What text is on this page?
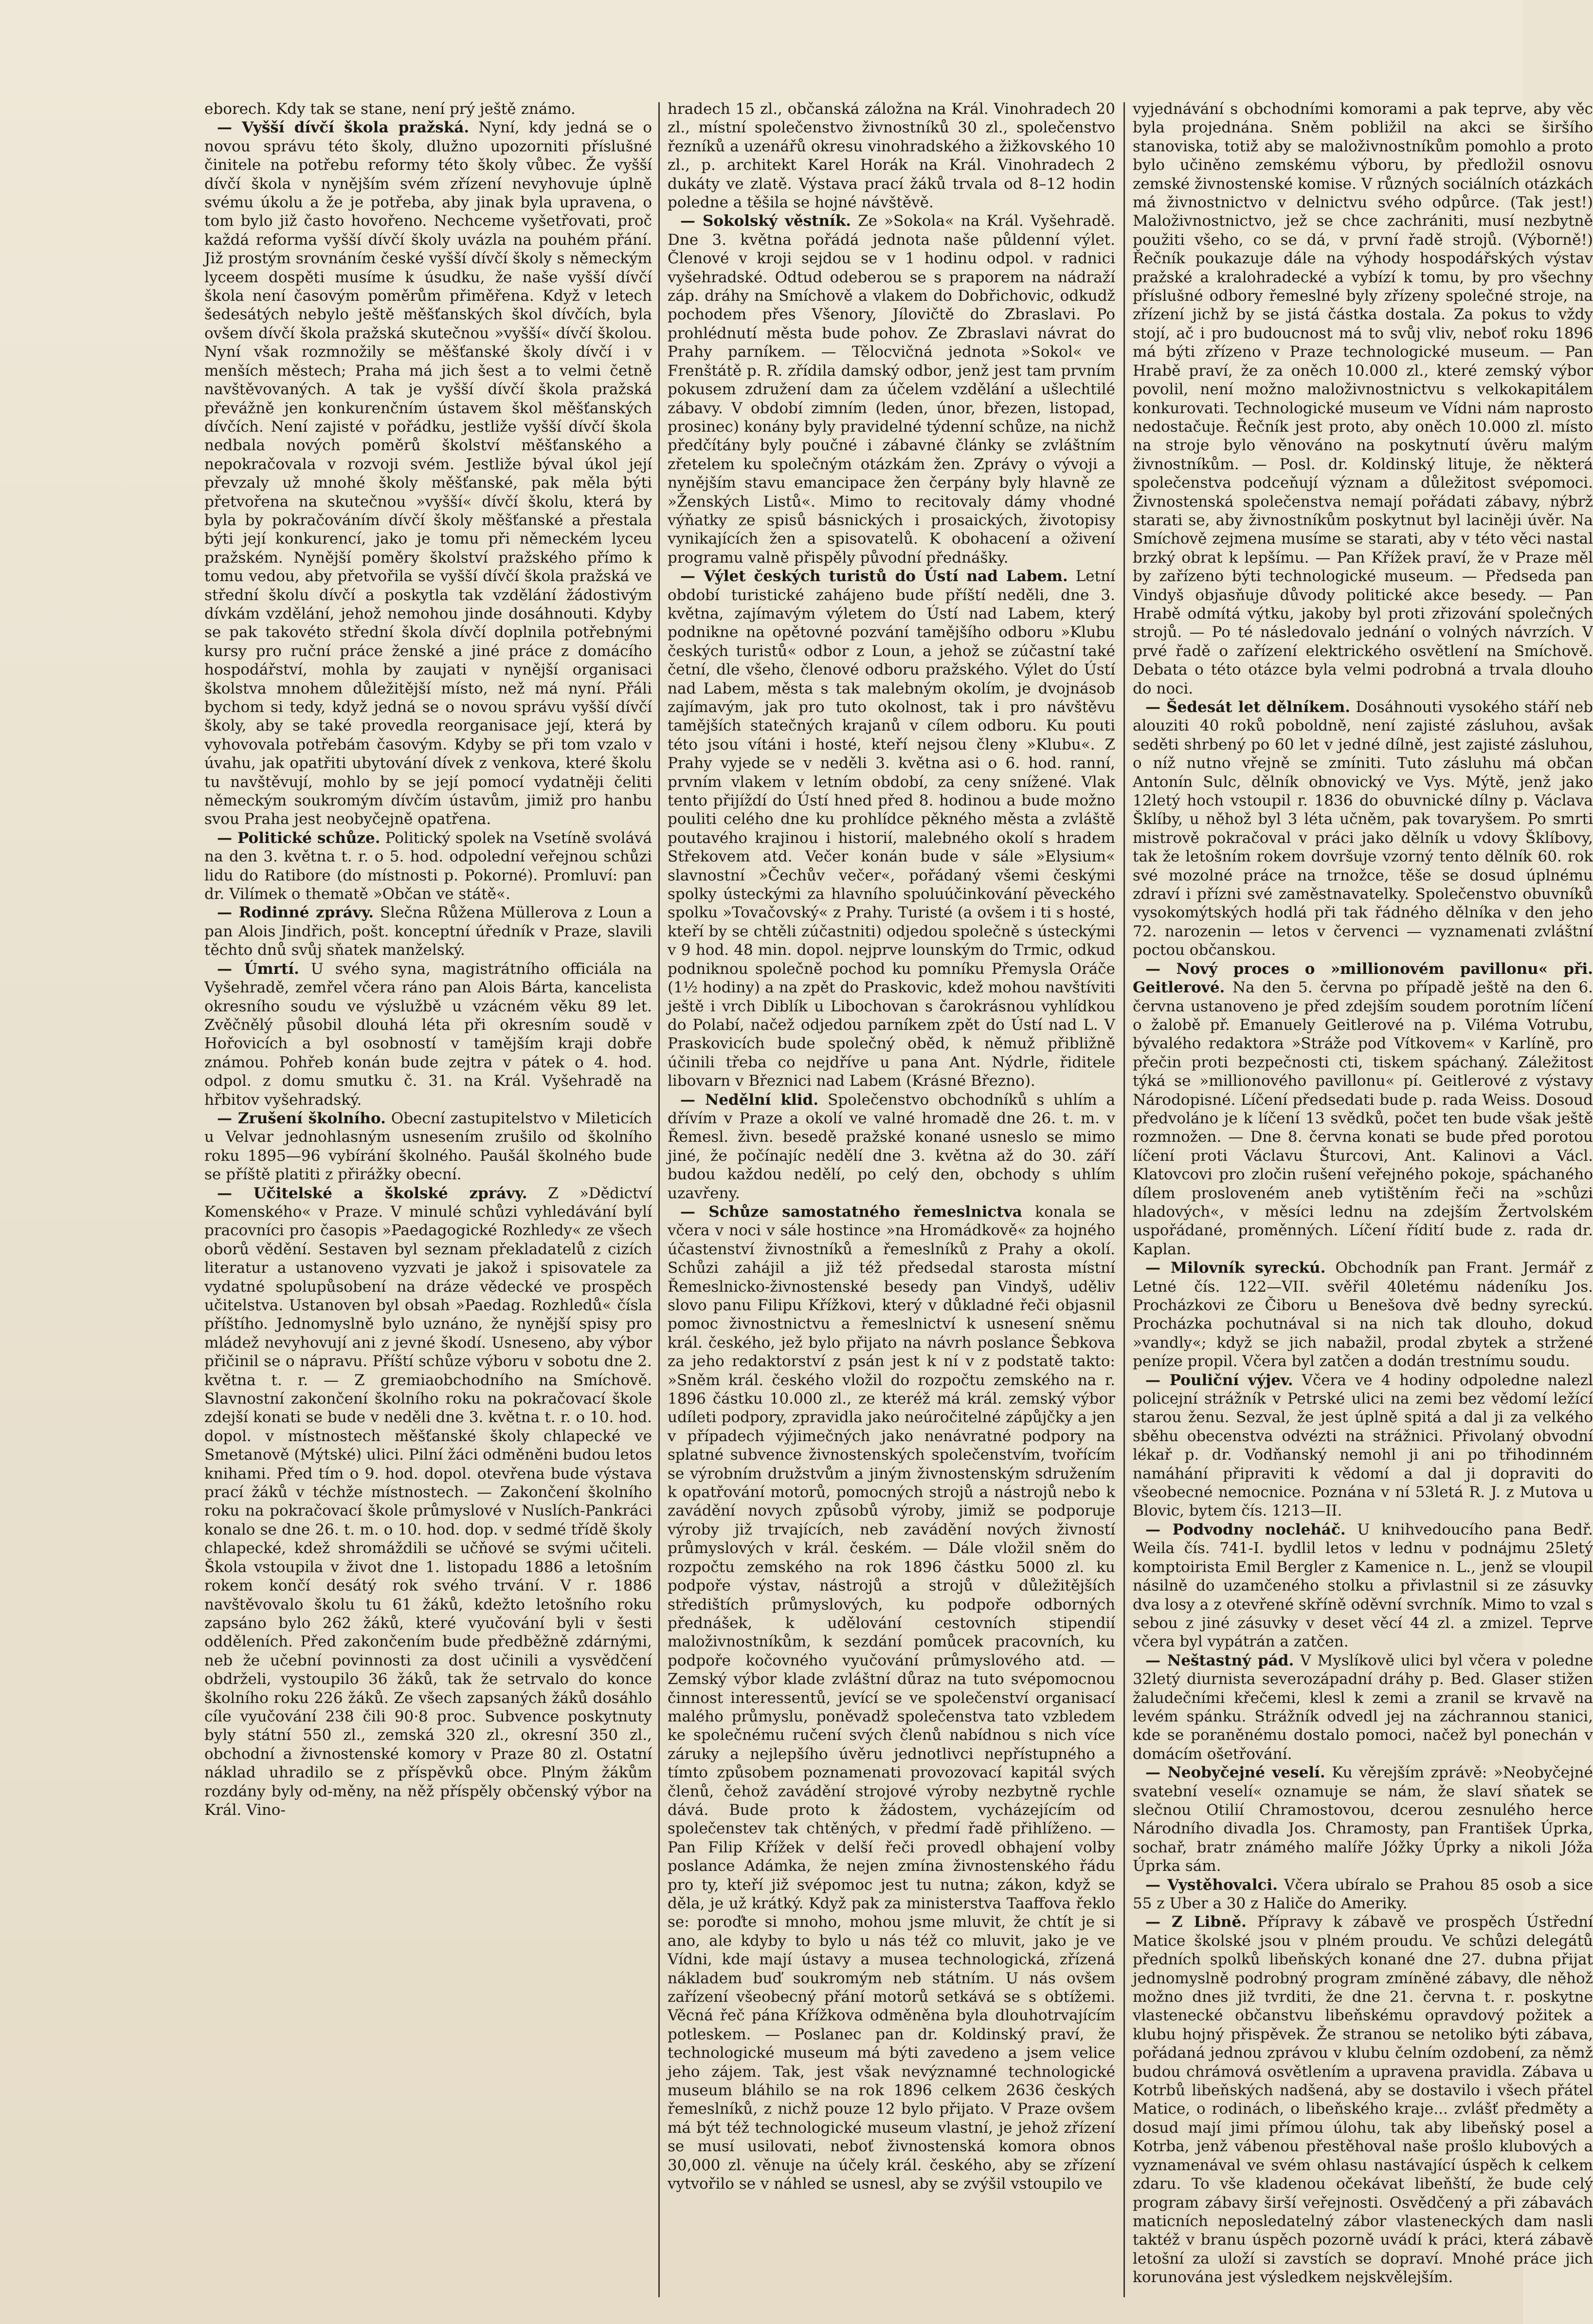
eborech. Kdy tak se stane, není prý ještě známo.

— Vyšší dívčí škola pražská. Nyní, kdy jedná se o novou správu této školy, dlužno upozorniti příslušné činitele na potřebu reformy této školy vůbec. Že vyšší dívčí škola v nynějším svém zřízení nevyhovuje úplně svému úkolu a že je potřeba, aby jinak byla upravena, o tom bylo již často hovořeno. Nechceme vyšetřovati, proč každá reforma vyšší dívčí školy uvázla na pouhém přání. Již prostým srovnáním české vyšší dívčí školy s německým lyceem dospěti musíme k úsudku, že naše vyšší dívčí škola není časovým poměrům přiměřena. Když v letech šedesátých nebylo ještě měšťanských škol dívčích, byla ovšem dívčí škola pražská skutečnou »vyšší« dívčí školou. Nyní však rozmnožily se měšťanské školy dívčí i v menších městech; Praha má jich šest a to velmi četně navštěvovaných. A tak je vyšší dívčí škola pražská převážně jen konkurenčním ústavem škol měšťanských dívčích. Není zajisté v pořádku, jestliže vyšší dívčí škola nedbala nových poměrů školství měšťanského a nepokračovala v rozvoji svém. Jestliže býval úkol její převzaly už mnohé školy měšťanské, pak měla býti přetvořena na skutečnou »vyšší« dívčí školu, která by byla by pokračováním dívčí školy měšťanské a přestala býti její konkurencí, jako je tomu při německém lyceu pražském. Nynější poměry školství pražského přímo k tomu vedou, aby přetvořila se vyšší dívčí škola pražská ve střední školu dívčí a poskytla tak vzdělání žádostivým dívkám vzdělání, jehož nemohou jinde dosáhnouti. Kdyby se pak takovéto střední škola dívčí doplnila potřebnými kursy pro ruční práce ženské a jiné práce z domácího hospodářství, mohla by zaujati v nynější organisaci školstva mnohem důležitější místo, než má nyní. Přáli bychom si tedy, když jedná se o novou správu vyšší dívčí školy, aby se také provedla reorganisace její, která by vyhovovala potřebám časovým. Kdyby se při tom vzalo v úvahu, jak opatřiti ubytování dívek z venkova, které školu tu navštěvují, mohlo by se její pomocí vydatněji čeliti německým soukromým dívčím ústavům, jimiž pro hanbu svou Praha jest neobyčejně opatřena.

— Politické schůze. Politický spolek na Vsetíně svolává na den 3. května t. r. o 5. hod. odpolední veřejnou schůzi lidu do Ratibore (do místnosti p. Pokorné). Promluví: pan dr. Vilímek o thematě »Občan ve státě«.

— Rodinné zprávy. Slečna Růžena Müllerova z Loun a pan Alois Jindřich, pošt. konceptní úředník v Praze, slavili těchto dnů svůj sňatek manželský.

— Úmrtí. U svého syna, magistrátního officiála na Vyšehradě, zemřel včera ráno pan Alois Bárta, kancelista okresního soudu ve výslužbě u vzácném věku 89 let. Zvěčnělý působil dlouhá léta při okresním soudě v Hořovicích a byl osobností v tamějším kraji dobře známou. Pohřeb konán bude zejtra v pátek o 4. hod. odpol. z domu smutku č. 31. na Král. Vyšehradě na hřbitov vyšehradský.

— Zrušení školního. Obecní zastupitelstvo v Mileticích u Velvar jednohlasným usnesením zrušilo od školního roku 1895—96 vybírání školného. Paušál školného bude se příště platiti z přirážky obecní.

— Učitelské a školské zprávy. Z »Dědictví Komenského« v Praze. V minulé schůzi vyhledávání bylí pracovníci pro časopis »Paedagogické Rozhledy« ze všech oborů vědění. Sestaven byl seznam překladatelů z cizích literatur a ustanoveno vyzvati je jakož i spisovatele za vydatné spolupůsobení na dráze vědecké ve prospěch učitelstva. Ustanoven byl obsah »Paedag. Rozhledů« čísla příštího. Jednomyslně bylo uznáno, že nynější spisy pro mládež nevyhovují ani z jevné škodí. Usneseno, aby výbor přičinil se o nápravu. Příští schůze výboru v sobotu dne 2. května t. r. — Z gremiaobchodního na Smíchově. Slavnostní zakončení školního roku na pokračovací škole zdejší konati se bude v neděli dne 3. května t. r. o 10. hod. dopol. v místnostech měšťanské školy chlapecké ve Smetanově (Mýtské) ulici. Pilní žáci odměněni budou letos knihami. Před tím o 9. hod. dopol. otevřena bude výstava prací žáků v téchže místnostech. — Zakončení školního roku na pokračovací škole průmyslové v Nuslích-Pankráci konalo se dne 26. t. m. o 10. hod. dop. v sedmé třídě školy chlapecké, kdež shromáždili se učňové se svými učiteli. Škola vstoupila v život dne 1. listopadu 1886 a letošním rokem končí desátý rok svého trvání. V r. 1886 navštěvovalo školu tu 61 žáků, kdežto letošního roku zapsáno bylo 262 žáků, které vyučování byli v šesti odděleních. Před zakončením bude předběžně zdárnými, neb že učební povinnosti za dost učinili a vysvědčení obdrželi, vystoupilo 36 žáků, tak že setrvalo do konce školního roku 226 žáků. Ze všech zapsaných žáků dosáhlo cíle vyučování 238 čili 90·8 proc. Subvence poskytnuty byly státní 550 zl., zemská 320 zl., okresní 350 zl., obchodní a živnostenské komory v Praze 80 zl. Ostatní náklad uhradilo se z příspěvků obce. Plným žákům rozdány byly od-měny, na něž příspěly občenský výbor na Král. Vino-

hradech 15 zl., občanská záložna na Král. Vinohradech 20 zl., místní společenstvo živnostníků 30 zl., společenstvo řezníků a uzenářů okresu vinohradského a žižkovského 10 zl., p. architekt Karel Horák na Král. Vinohradech 2 dukáty ve zlatě. Výstava prací žáků trvala od 8–12 hodin poledne a těšila se hojné návštěvě.

— Sokolský věstník. Ze »Sokola« na Král. Vyšehradě. Dne 3. května pořádá jednota naše půldenní výlet. Členové v kroji sejdou se v 1 hodinu odpol. v radnici vyšehradské. Odtud odeberou se s praporem na nádraží záp. dráhy na Smíchově a vlakem do Dobřichovic, odkudž pochodem přes Všenory, Jílovičtě do Zbraslavi. Po prohlédnutí města bude pohov. Ze Zbraslavi návrat do Prahy parníkem. — Tělocvičná jednota »Sokol« ve Frenštátě p. R. zřídila damský odbor, jenž jest tam prvním pokusem združení dam za účelem vzdělání a ušlechtilé zábavy. V období zimním (leden, únor, březen, listopad, prosinec) konány byly pravidelné týdenní schůze, na nichž předčítány byly poučné i zábavné články se zvláštním zřetelem ku společným otázkám žen. Zprávy o vývoji a nynějším stavu emancipace žen čerpány byly hlavně ze »Ženských Listů«. Mimo to recitovaly dámy vhodné výňatky ze spisů básnických i prosaických, životopisy vynikajících žen a spisovatelů. K obohacení a oživení programu valně přispěly původní přednášky.

— Výlet českých turistů do Ústí nad Labem. Letní období turistické zahájeno bude příští neděli, dne 3. května, zajímavým výletem do Ústí nad Labem, který podnikne na opětovné pozvání tamějšího odboru »Klubu českých turistů« odbor z Loun, a jehož se zúčastní také četní, dle všeho, členové odboru pražského. Výlet do Ústí nad Labem, města s tak malebným okolím, je dvojnásob zajímavým, jak pro tuto okolnost, tak i pro návštěvu tamějších statečných krajanů v cílem odboru. Ku pouti této jsou vítáni i hosté, kteří nejsou členy »Klubu«. Z Prahy vyjede se v neděli 3. května asi o 6. hod. ranní, prvním vlakem v letním období, za ceny snížené. Vlak tento přijíždí do Ústí hned před 8. hodinou a bude možno pouliti celého dne ku prohlídce pěkného města a zvláště poutavého krajinou i historií, malebného okolí s hradem Střekovem atd. Večer konán bude v sále »Elysium« slavnostní »Čechův večer«, pořádaný všemi českými spolky ústeckými za hlavního spoluúčinkování pěveckého spolku »Tovačovský« z Prahy. Turisté (a ovšem i ti s hosté, kteří by se chtěli zúčastniti) odjedou společně s ústeckými v 9 hod. 48 min. dopol. nejprve lounským do Trmic, odkud podniknou společně pochod ku pomníku Přemysla Oráče (1½ hodiny) a na zpět do Praskovic, kdež mohou navštíviti ještě i vrch Diblík u Libochovan s čarokrásnou vyhlídkou do Polabí, načež odjedou parníkem zpět do Ústí nad L. V Praskovicích bude společný oběd, k němuž přibližně účinili třeba co nejdříve u pana Ant. Nýdrle, řiditele libovarn v Březnici nad Labem (Krásné Březno).

— Nedělní klid. Společenstvo obchodníků s uhlím a dřívím v Praze a okolí ve valné hromadě dne 26. t. m. v Řemesl. živn. besedě pražské konané usneslo se mimo jiné, že počínajíc nedělí dne 3. května až do 30. září budou každou nedělí, po celý den, obchody s uhlím uzavřeny.

— Schůze samostatného řemeslnictva konala se včera v noci v sále hostince »na Hromádkově« za hojného účastenství živnostníků a řemeslníků z Prahy a okolí. Schůzi zahájil a již též předsedal starosta místní Řemeslnicko-živnostenské besedy pan Vindyš, uděliv slovo panu Filipu Křížkovi, který v důkladné řeči objasnil pomoc živnostnictvu a řemeslnictví k usnesení sněmu král. českého, jež bylo přijato na návrh poslance Šebkova za jeho redaktorství z psán jest k ní v z podstatě takto: »Sněm král. českého vložil do rozpočtu zemského na r. 1896 částku 10.000 zl., ze kteréž má král. zemský výbor udíleti podpory, zpravidla jako neúročitelné zápůjčky a jen v případech výjimečných jako nenávratné podpory na splatné subvence živnostenských společenstvím, tvořícím se výrobním družstvům a jiným živnostenským sdružením k opatřování motorů, pomocných strojů a nástrojů nebo k zavádění novych způsobů výroby, jimiž se podporuje výroby již trvajících, neb zavádění nových živností průmyslových v král. českém. — Dále vložil sněm do rozpočtu zemského na rok 1896 částku 5000 zl. ku podpoře výstav, nástrojů a strojů v důležitějších středištích průmyslových, ku podpoře odborných přednášek, k udělování cestovních stipendií maloživnostníkům, k sezdání pomůcek pracovních, ku podpoře kočovného vyučování průmyslového atd. — Zemský výbor klade zvláštní důraz na tuto svépomocnou činnost interessentů, jevící se ve společenství organisací malého průmyslu, poněvadž společenstva tato vzbledem ke společnému ručení svých členů nabídnou s nich více záruky a nejlepšího úvěru jednotlivci nepřístupného a tímto způsobem poznamenati provozovací kapitál svých členů, čehož zavádění strojové výroby nezbytně rychle dává. Bude proto k žádostem, vycházejícím od společenstev tak chtěných, v předmí řadě přihlíženo. — Pan Filip Křížek v delší řeči provedl obhajení volby poslance Adámka, že nejen zmína živnostenského řádu pro ty, kteří již svépomoc jest tu nutna; zákon, když se děla, je už krátký. Když pak za ministerstva Taaffova řeklo se: poroďte si mnoho, mohou jsme mluvit, že chtít je si ano, ale kdyby to bylo u nás též co mluvit, jako je ve Vídni, kde mají ústavy a musea technologická, zřízená nákladem buď soukromým neb státním. U nás ovšem zařízení všeobecný přání motorů setkává se s obtížemi. Věcná řeč pána Křížkova odměněna byla dlouhotrvajícím potleskem. — Poslanec pan dr. Koldinský praví, že technologické museum má býti zavedeno a jsem velice jeho zájem. Tak, jest však nevýznamné technologické museum bláhilo se na rok 1896 celkem 2636 českých řemeslníků, z nichž pouze 12 bylo přijato. V Praze ovšem má být též technologické museum vlastní, je jehož zřízení se musí usilovati, neboť živnostenská komora obnos 30,000 zl. věnuje na účely král. českého, aby se zřízení vytvořilo se v náhled se usnesl, aby se zvýšil vstoupilo ve

vyjednávání s obchodními komorami a pak teprve, aby věc byla projednána. Sněm pobližil na akci se širšího stanoviska, totiž aby se maloživnostníkům pomohlo a proto bylo učiněno zemskému výboru, by předložil osnovu zemské živnostenské komise. V různých sociálních otázkách má živnostnictvo v delnictvu svého odpůrce. (Tak jest!) Maloživnostnictvo, jež se chce zachrániti, musí nezbytně použiti všeho, co se dá, v první řadě strojů. (Výborně!) Řečník poukazuje dále na výhody hospodářských výstav pražské a kralohradecké a vybízí k tomu, by pro všechny příslušné odbory řemeslné byly zřízeny společné stroje, na zřízení jichž by se jistá částka dostala. Za pokus to vždy stojí, ač i pro budoucnost má to svůj vliv, neboť roku 1896 má býti zřízeno v Praze technologické museum. — Pan Hrabě praví, že za oněch 10.000 zl., které zemský výbor povolil, není možno maloživnostnictvu s velkokapitálem konkurovati. Technologické museum ve Vídni nám naprosto nedostačuje. Řečník jest proto, aby oněch 10.000 zl. místo na stroje bylo věnováno na poskytnutí úvěru malým živnostníkům. — Posl. dr. Koldinský lituje, že některá společenstva podceňují význam a důležitost svépomoci. Živnostenská společenstva nemají pořádati zábavy, nýbrž starati se, aby živnostníkům poskytnut byl laciněji úvěr. Na Smíchově zejmena musíme se starati, aby v této věci nastal brzký obrat k lepšímu. — Pan Křížek praví, že v Praze měl by zařízeno býti technologické museum. — Předseda pan Vindyš objasňuje důvody politické akce besedy. — Pan Hrabě odmítá výtku, jakoby byl proti zřizování společných strojů. — Po té následovalo jednání o volných návrzích. V prvé řadě o zařízení elektrického osvětlení na Smíchově. Debata o této otázce byla velmi podrobná a trvala dlouho do noci.

— Šedesát let dělníkem. Dosáhnouti vysokého stáří neb alouziti 40 roků poboldně, není zajisté zásluhou, avšak seděti shrbený po 60 let v jedné dílně, jest zajisté zásluhou, o níž nutno vřejně se zmíniti. Tuto zásluhu má občan Antonín Sulc, dělník obnovický ve Vys. Mýtě, jenž jako 12letý hoch vstoupil r. 1836 do obuvnické dílny p. Václava Šklíby, u něhož byl 3 léta učněm, pak tovaryšem. Po smrti mistrově pokračoval v práci jako dělník u vdovy Šklíbovy, tak že letošním rokem dovršuje vzorný tento dělník 60. rok své mozolné práce na trnožce, těše se dosud úplnému zdraví i přízni své zaměstnavatelky. Společenstvo obuvníků vysokomýtských hodlá při tak řádného dělníka v den jeho 72. narozenin — letos v červenci — vyznamenati zvláštní poctou občanskou.

— Nový proces o »millionovém pavillonu« při. Geitlerové. Na den 5. června po případě ještě na den 6. června ustanoveno je před zdejším soudem porotním líčení o žalobě př. Emanuely Geitlerové na p. Viléma Votrubu, bývalého redaktora »Stráže pod Vítkovem« v Karlíně, pro přečin proti bezpečnosti cti, tiskem spáchaný. Záležitost týká se »millionového pavillonu« pí. Geitlerové z výstavy Národopisné. Líčení předsedati bude p. rada Weiss. Dosoud předvoláno je k líčení 13 svědků, počet ten bude však ještě rozmnožen. — Dne 8. června konati se bude před porotou líčení proti Václavu Šturcovi, Ant. Kalinovi a Václ. Klatovcovi pro zločin rušení veřejného pokoje, spáchaného dílem prosloveném aneb vytištěním řeči na »schůzi hladových«, v měsíci lednu na zdejším Žertvolském uspořádané, proměnných. Líčení řídití bude z. rada dr. Kaplan.

— Milovník syreckú. Obchodník pan Frant. Jermář z Letné čís. 122—VII. svěřil 40letému nádeníku Jos. Procházkovi ze Čiboru u Benešova dvě bedny syreckú. Procházka pochutnával si na nich tak dlouho, dokud »vandly«; když se jich nabažil, prodal zbytek a stržené peníze propil. Včera byl zatčen a dodán trestnímu soudu.

— Pouliční výjev. Včera ve 4 hodiny odpoledne nalezl policejní strážník v Petrské ulici na zemi bez vědomí ležící starou ženu. Sezval, že jest úplně spitá a dal ji za velkého sběhu obecenstva odvézti na strážnici. Přivolaný obvodní lékař p. dr. Vodňanský nemohl ji ani po třihodinném namáhání připraviti k vědomí a dal ji dopraviti do všeobecné nemocnice. Poznána v ní 53letá R. J. z Mutova u Blovic, bytem čís. 1213—II.

— Podvodny nocleháč. U knihvedoucího pana Bedř. Weila čís. 741-I. bydlil letos v lednu v podnájmu 25letý komptoiristа Emil Bergler z Kamenice n. L., jenž se vloupil násilně do uzamčeného stolku a přivlastnil si ze zásuvky dva losy a z otevřené skříně oděvní svrchník. Mimo to vzal s sebou z jiné zásuvky v deset věcí 44 zl. a zmizel. Teprve včera byl vypátrán a zatčen.

— Neštastný pád. V Myslíkově ulici byl včera v poledne 32letý diurnista severozápadní dráhy p. Bed. Glaser stižen žaludečními křečemi, klesl k zemi a zranil se krvavě na levém spánku. Strážník odvedl jej na záchrannou stanici, kde se poraněnému dostalo pomoci, načež byl ponechán v domácím ošetřování.

— Neobyčejné veselí. Ku věrejším zprávě: »Neobyčejné svatební veselí« oznamuje se nám, že slaví sňatek se slečnou Otilií Chramostovou, dcerou zesnulého herce Národního divadla Jos. Chramosty, pan František Úprka, sochař, bratr známého malíře Jóžky Úprky a nikoli Jóža Úprka sám.

— Vystěhovalci. Včera ubíralo se Prahou 85 osob a sice 55 z Uber a 30 z Haliče do Ameriky.

— Z Libně. Přípravy k zábavě ve prospěch Ústřední Matice školské jsou v plném proudu. Ve schůzi delegátů předních spolků libeňských konané dne 27. dubna přijat jednomyslně podrobný program zmíněné zábavy, dle něhož možno dnes již tvrditi, že dne 21. června t. r. poskytne vlastenecké občanstvu libeňskému opravdový požitek a klubu hojný přispěvek. Že stranou se netoliko býti zábava, pořádaná jednou zprávou v klubu čelním ozdobení, za němž budou chrámová osvětlením a upravena pravidla. Zábava u Kotrbů libeňských nadšená, aby se dostavilo i všech přátel Matice, o rodinách, o libeňského kraje... zvlášť předměty a dosud mají jimi přímou úlohu, tak aby libeňský posel a Kotrba, jenž vábenou přestěhoval naše prošlo klubových a vyznamenával ve svém ohlasu nastávající úspěch k celkem zdaru. To vše kladenou očekávat libeňští, že bude celý program zábavy širší veřejnosti. Osvědčený a při zábavách maticních neposledatelný zábor vlasteneckých dam nasli taktéž v branu úspěch pozorně uvádí k práci, která zábavě letošní za uloží si zavstích se dopraví. Mnohé práce jich korunována jest výsledkem nejskvělejším.
